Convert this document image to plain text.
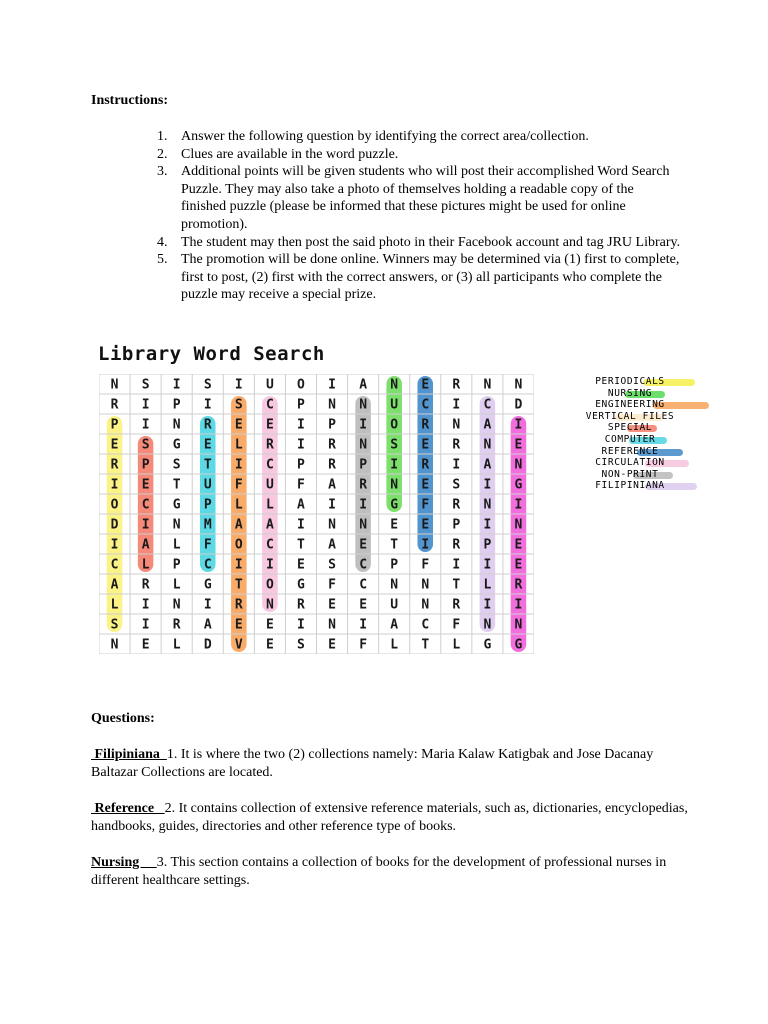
Instructions:
1. Answer the following question by identifying the correct area/collection.
2. Clues are available in the word puzzle.
3. Additional points will be given students who will post their accomplished Word Search Puzzle. They may also take a photo of themselves holding a readable copy of the finished puzzle (please be informed that these pictures might be used for online promotion).
4. The student may then post the said photo in their Facebook account and tag JRU Library.
5. The promotion will be done online. Winners may be determined via (1) first to complete, first to post, (2) first with the correct answers, or (3) all participants who complete the puzzle may receive a special prize.
Library Word Search
N S I S I U O I A N E R N N
R I P I S C P N N U C I C D
P I N R E E I P I O R N A I
E S G E L R I R N S E R N E
R P S T I C P R P I R I A N
I E T U F U F A R N E S I G
O C G P L L A I I G F R N I
D I N M A A I N N E E P I N
I A L F O C T A E T I R P E
C L P C I I E S C P F I I E
A R L G T O G F C N N T L R
L I N I R N R E E U N R I I
S I R A E E I N I A C F N N
N E L D V E S E F L T L G G
PERIODICALS
NURSING
ENGINEERING
VERTICAL FILES
SPECIAL
COMPUTER
REFERENCE
CIRCULATION
NON-PRINT
FILIPINIANA
Questions:
Filipiniana  1. It is where the two (2) collections namely: Maria Kalaw Katigbak and Jose Dacanay Baltazar Collections are located.
Reference   2. It contains collection of extensive reference materials, such as, dictionaries, encyclopedias, handbooks, guides, directories and other reference type of books.
Nursing     3. This section contains a collection of books for the development of professional nurses in different healthcare settings.
